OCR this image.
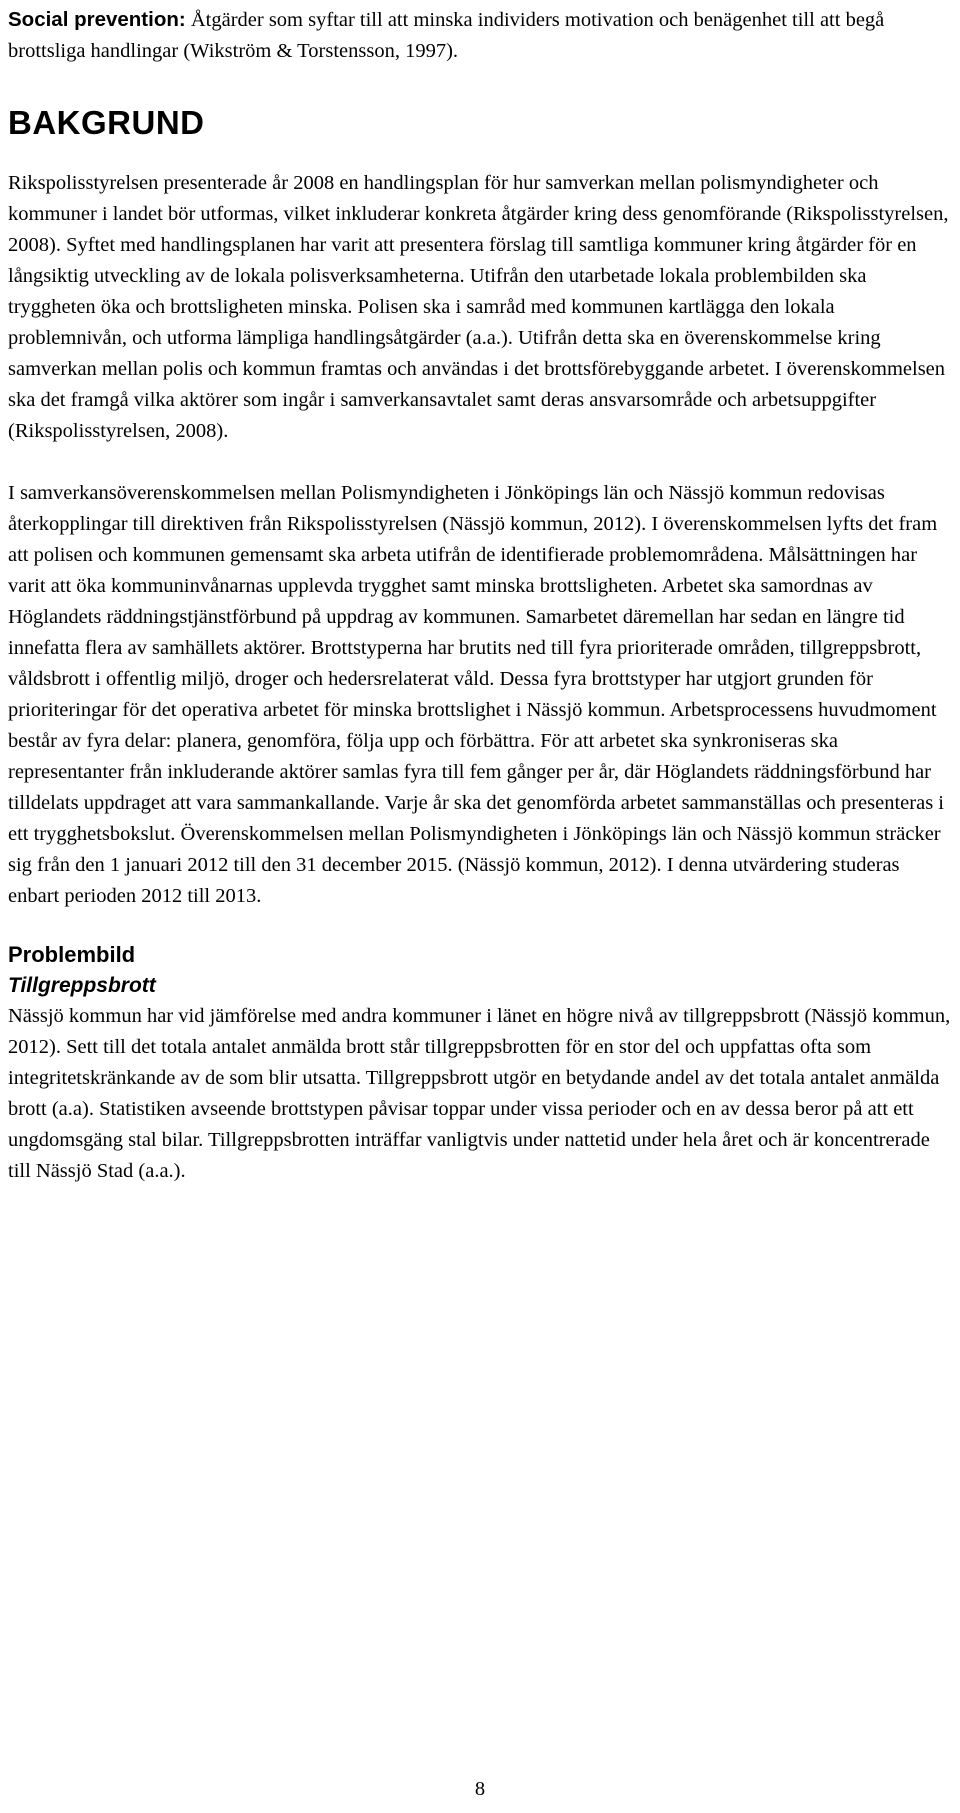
Social prevention: Åtgärder som syftar till att minska individers motivation och benägenhet till att begå brottsliga handlingar (Wikström & Torstensson, 1997).

BAKGRUND

Rikspolisstyrelsen presenterade år 2008 en handlingsplan för hur samverkan mellan polismyndigheter och kommuner i landet bör utformas, vilket inkluderar konkreta åtgärder kring dess genomförande (Rikspolisstyrelsen, 2008). Syftet med handlingsplanen har varit att presentera förslag till samtliga kommuner kring åtgärder för en långsiktig utveckling av de lokala polisverksamheterna. Utifrån den utarbetade lokala problembilden ska tryggheten öka och brottsligheten minska. Polisen ska i samråd med kommunen kartlägga den lokala problemnivån, och utforma lämpliga handlingsåtgärder (a.a.). Utifrån detta ska en överenskommelse kring samverkan mellan polis och kommun framtas och användas i det brottsförebyggande arbetet. I överenskommelsen ska det framgå vilka aktörer som ingår i samverkansavtalet samt deras ansvarsområde och arbetsuppgifter (Rikspolisstyrelsen, 2008).

I samverkansöverenskommelsen mellan Polismyndigheten i Jönköpings län och Nässjö kommun redovisas återkopplingar till direktiven från Rikspolisstyrelsen (Nässjö kommun, 2012). I överenskommelsen lyfts det fram att polisen och kommunen gemensamt ska arbeta utifrån de identifierade problemområdena. Målsättningen har varit att öka kommuninvånarnas upplevda trygghet samt minska brottsligheten. Arbetet ska samordnas av Höglandets räddningstjänstförbund på uppdrag av kommunen. Samarbetet däremellan har sedan en längre tid innefatta flera av samhällets aktörer. Brottstyperna har brutits ned till fyra prioriterade områden, tillgreppsbrott, våldsbrott i offentlig miljö, droger och hedersrelaterat våld. Dessa fyra brottstyper har utgjort grunden för prioriteringar för det operativa arbetet för minska brottslighet i Nässjö kommun. Arbetsprocessens huvudmoment består av fyra delar: planera, genomföra, följa upp och förbättra. För att arbetet ska synkroniseras ska representanter från inkluderande aktörer samlas fyra till fem gånger per år, där Höglandets räddningsförbund har tilldelats uppdraget att vara sammankallande. Varje år ska det genomförda arbetet sammanställas och presenteras i ett trygghetsbokslut. Överenskommelsen mellan Polismyndigheten i Jönköpings län och Nässjö kommun sträcker sig från den 1 januari 2012 till den 31 december 2015. (Nässjö kommun, 2012). I denna utvärdering studeras enbart perioden 2012 till 2013.

Problembild
Tillgreppsbrott

Nässjö kommun har vid jämförelse med andra kommuner i länet en högre nivå av tillgreppsbrott (Nässjö kommun, 2012). Sett till det totala antalet anmälda brott står tillgreppsbrotten för en stor del och uppfattas ofta som integritetskränkande av de som blir utsatta. Tillgreppsbrott utgör en betydande andel av det totala antalet anmälda brott (a.a). Statistiken avseende brottstypen påvisar toppar under vissa perioder och en av dessa beror på att ett ungdomsgäng stal bilar. Tillgreppsbrotten inträffar vanligtvis under nattetid under hela året och är koncentrerade till Nässjö Stad (a.a.).

8
